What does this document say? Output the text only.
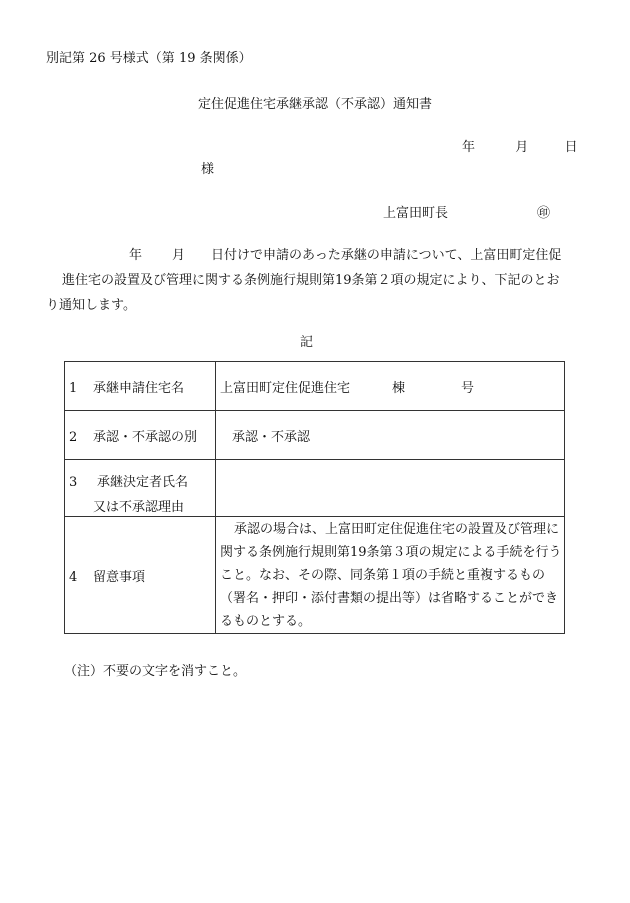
別記第 26 号様式（第 19 条関係）
定住促進住宅承継承認（不承認）通知書
年	月	日
様
上富田町長	㊞
年 月 日付けで申請のあった承継の申請について、上富田町定住促
進住宅の設置及び管理に関する条例施行規則第19条第２項の規定により、下記のとお
り通知します。
記
1 承継申請住宅名	上富田町定住促進住宅 棟 号
2 承認・不承認の別	承認・不承認

3 承継決定者氏名
又は不承認理由	

4 留意事項	承認の場合は、上富田町定住促進住宅の設置及び管理に
関する条例施行規則第19条第３項の規定による手続を行う
こと。なお、その際、同条第１項の手続と重複するもの
（署名・押印・添付書類の提出等）は省略することができ
るものとする。
（注）不要の文字を消すこと。
